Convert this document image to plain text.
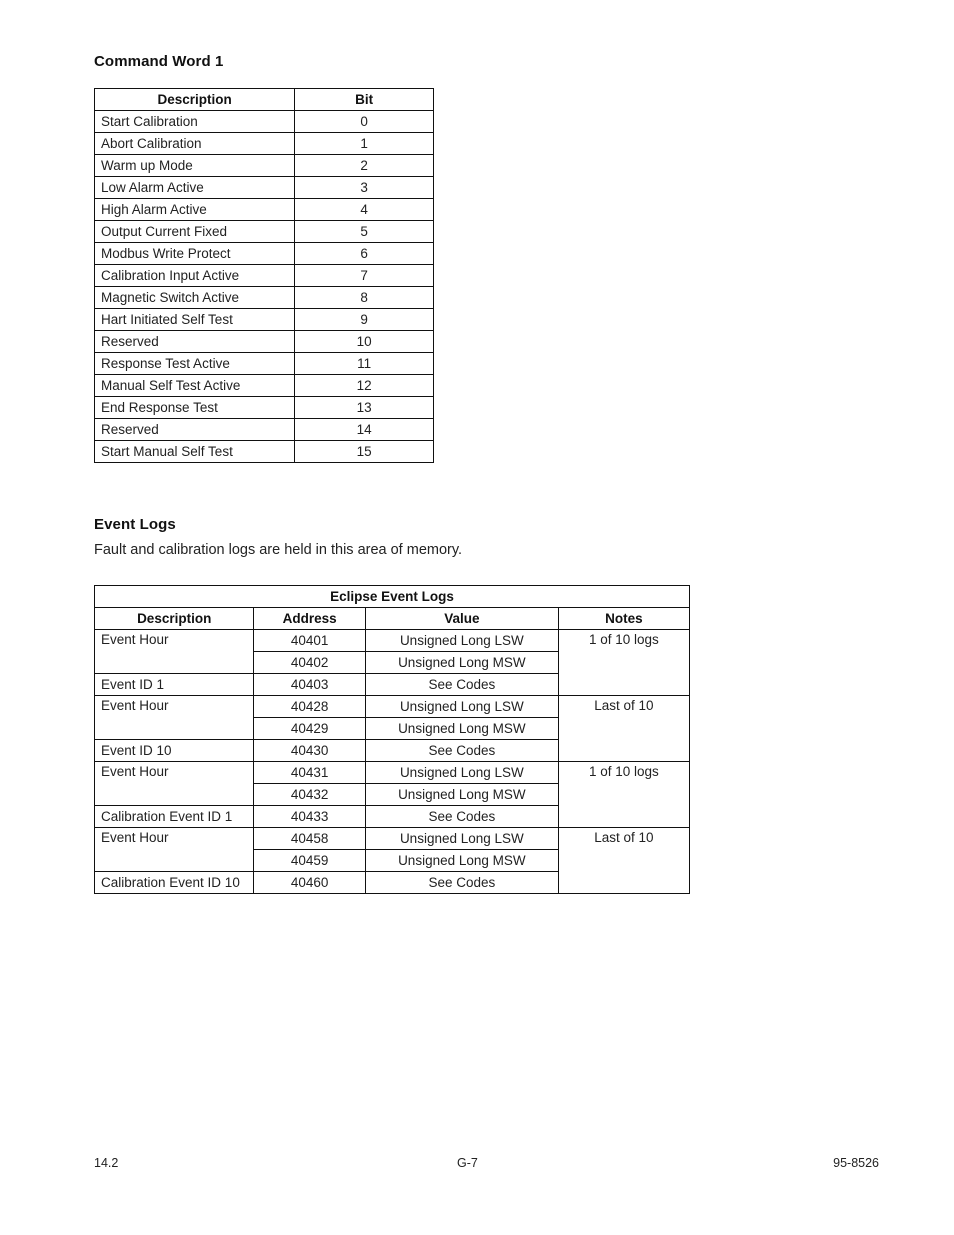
Command Word 1
Description	Bit
Start Calibration	0
Abort Calibration	1
Warm up Mode	2
Low Alarm Active	3
High Alarm Active	4
Output Current Fixed	5
Modbus Write Protect	6
Calibration Input Active	7
Magnetic Switch Active	8
Hart Initiated Self Test	9
Reserved	10
Response Test Active	11
Manual Self Test Active	12
End Response Test	13
Reserved	14
Start Manual Self Test	15
Event Logs

Fault and calibration logs are held in this area of memory.

Eclipse Event Logs			
Description	Address	Value	Notes
Event Hour	40401	Unsigned Long LSW	1 of 10 logs
	40402	Unsigned Long MSW	
Event ID 1	40403	See Codes	
Event Hour	40428	Unsigned Long LSW	Last of 10
	40429	Unsigned Long MSW	
Event ID 10	40430	See Codes	
Event Hour	40431	Unsigned Long LSW	1 of 10 logs
	40432	Unsigned Long MSW	
Calibration Event ID 1	40433	See Codes	
Event Hour	40458	Unsigned Long LSW	Last of 10
	40459	Unsigned Long MSW	
Calibration Event ID 10	40460	See Codes	

14.2	G-7	95-8526
